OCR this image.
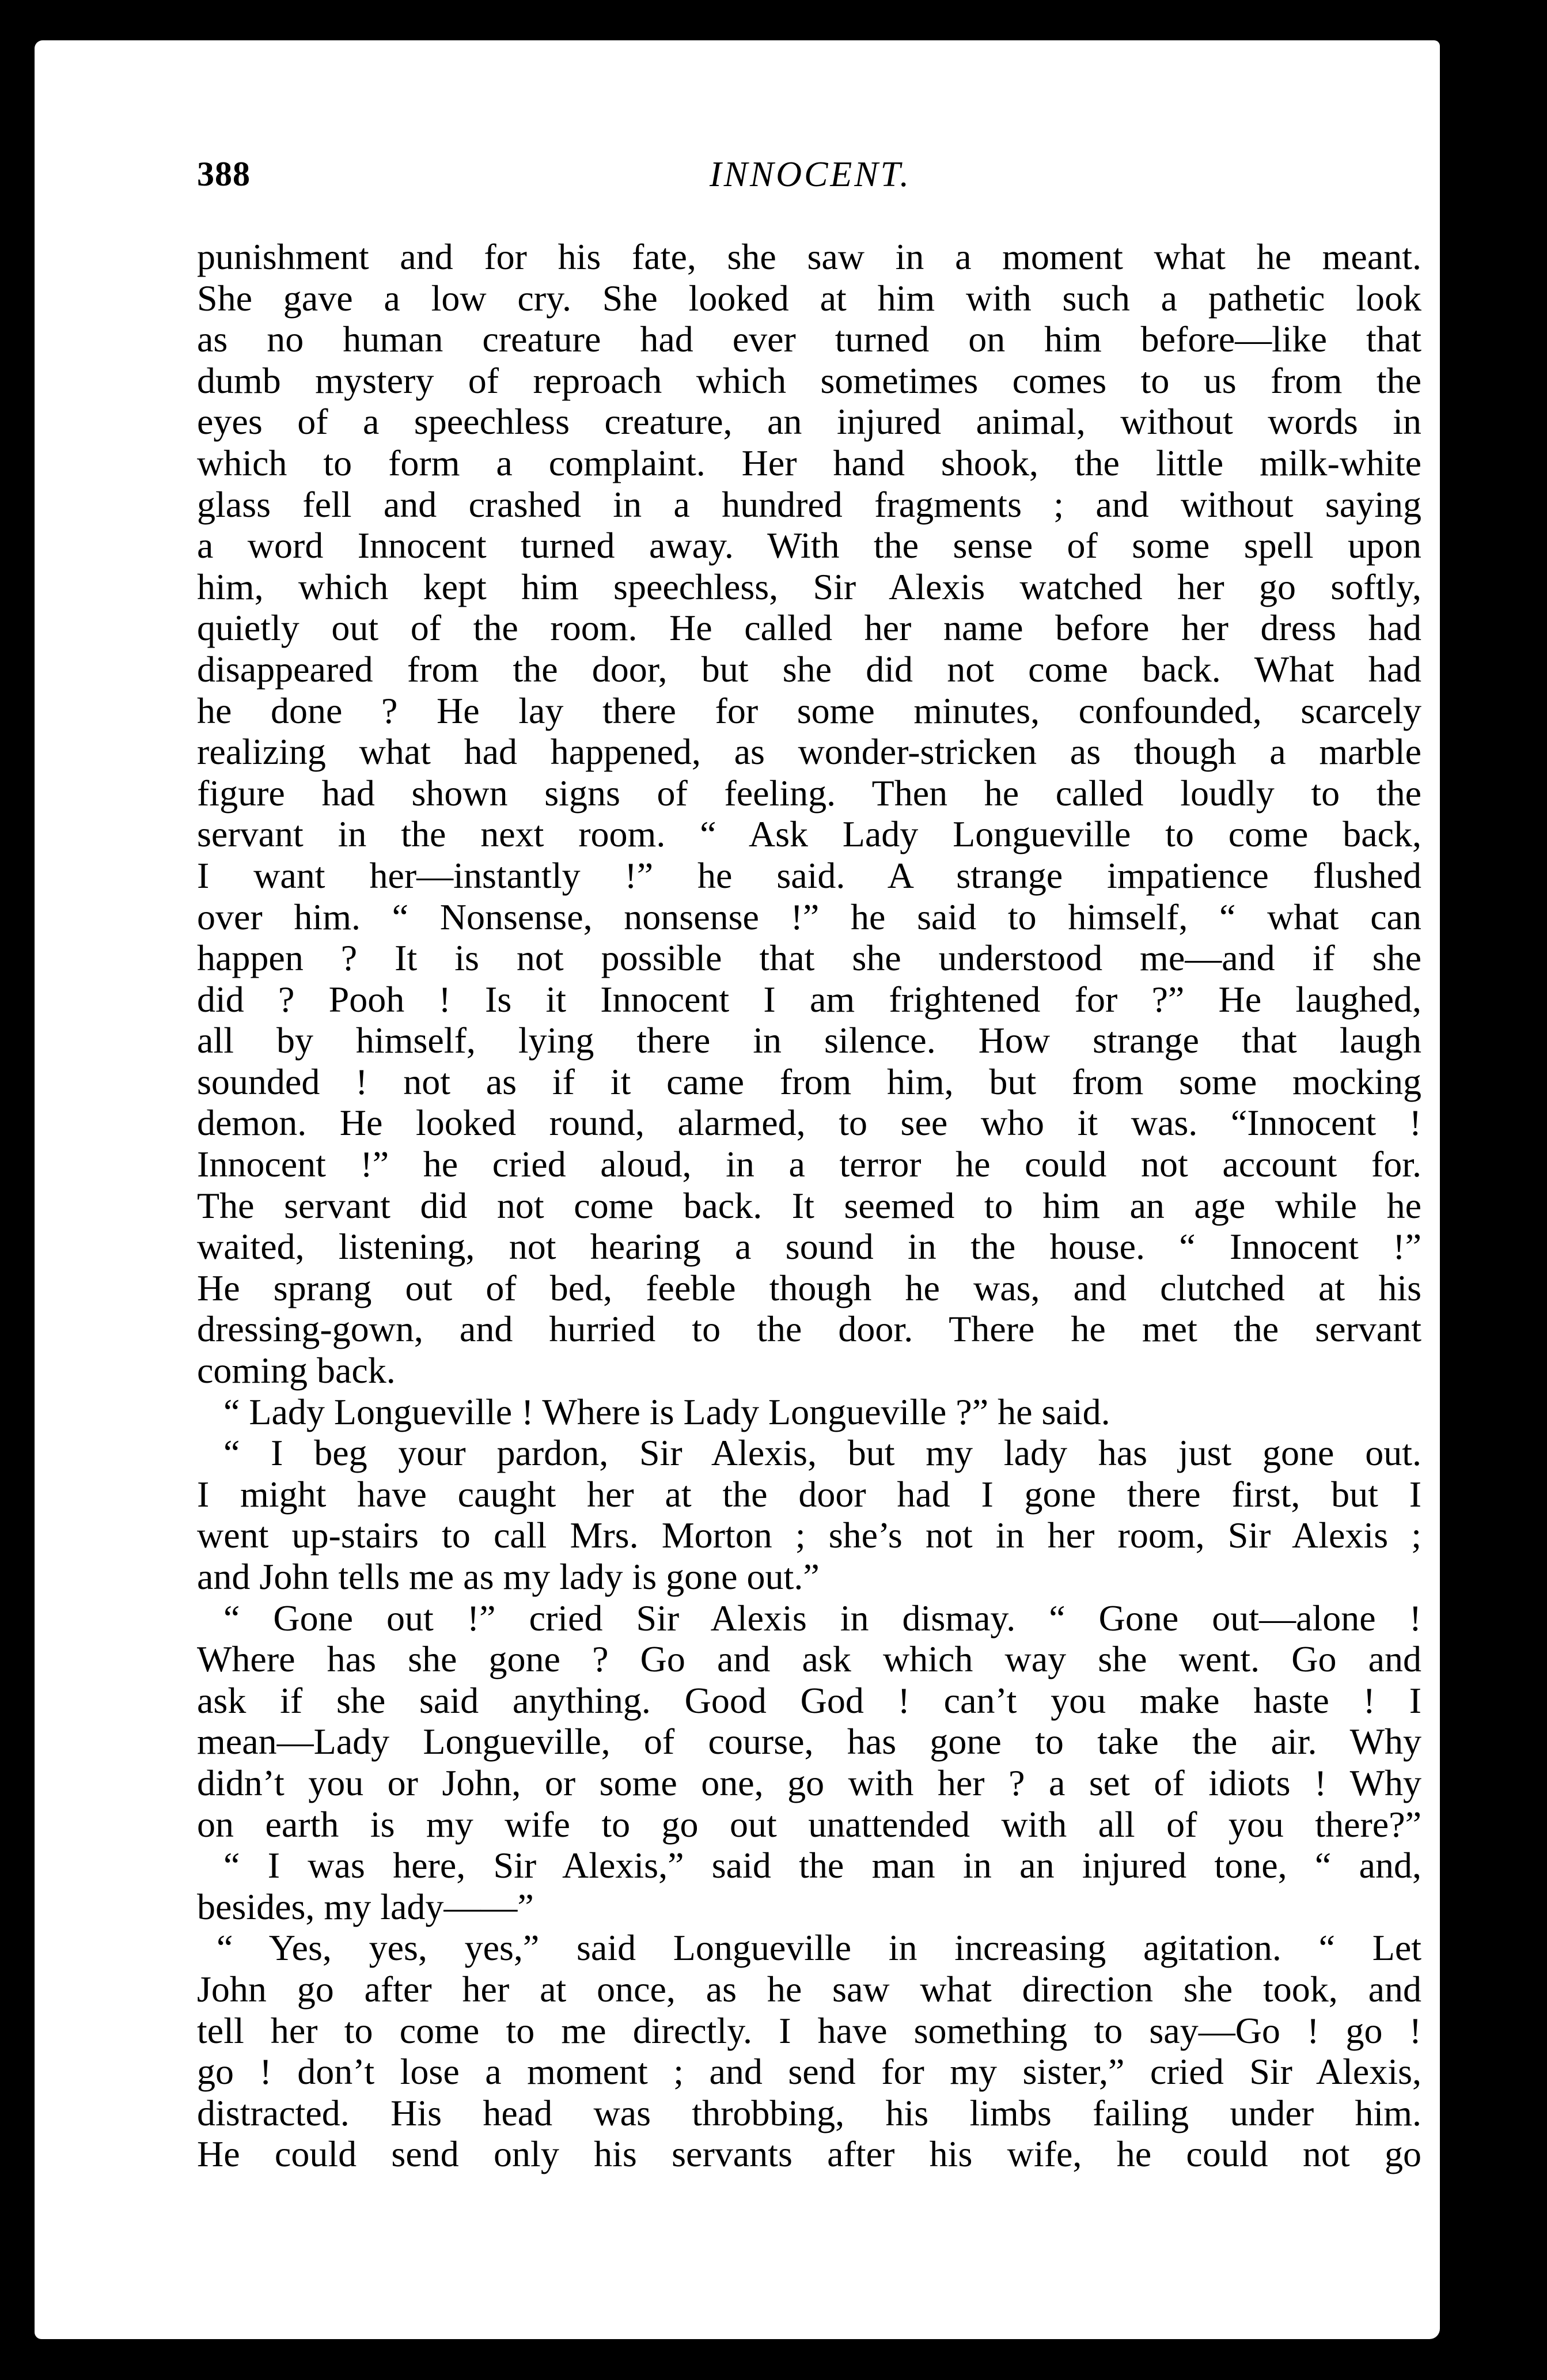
388	INNOCENT.
punishment and for his fate, she saw in a moment what he meant.
She gave a low cry. She looked at him with such a pathetic look
as no human creature had ever turned on him before—like that
dumb mystery of reproach which sometimes comes to us from the
eyes of a speechless creature, an injured animal, without words in
which to form a complaint. Her hand shook, the little milk-white
glass fell and crashed in a hundred fragments ; and without saying
a word Innocent turned away. With the sense of some spell upon
him, which kept him speechless, Sir Alexis watched her go softly,
quietly out of the room. He called her name before her dress had
disappeared from the door, but she did not come back. What had
he done ? He lay there for some minutes, confounded, scarcely
realizing what had happened, as wonder-stricken as though a marble
figure had shown signs of feeling. Then he called loudly to the
servant in the next room. “ Ask Lady Longueville to come back,
I want her—instantly !” he said. A strange impatience flushed
over him. “ Nonsense, nonsense !” he said to himself, “ what can
happen ? It is not possible that she understood me—and if she
did ? Pooh ! Is it Innocent I am frightened for ?” He laughed,
all by himself, lying there in silence. How strange that laugh
sounded ! not as if it came from him, but from some mocking
demon. He looked round, alarmed, to see who it was. “Innocent !
Innocent !” he cried aloud, in a terror he could not account for.
The servant did not come back. It seemed to him an age while he
waited, listening, not hearing a sound in the house. “ Innocent !”
He sprang out of bed, feeble though he was, and clutched at his
dressing-gown, and hurried to the door. There he met the servant
coming back.
“ Lady Longueville ! Where is Lady Longueville ?” he said.
“ I beg your pardon, Sir Alexis, but my lady has just gone out.
I might have caught her at the door had I gone there first, but I
went up-stairs to call Mrs. Morton ; she’s not in her room, Sir Alexis ;
and John tells me as my lady is gone out.”
“ Gone out !” cried Sir Alexis in dismay. “ Gone out—alone !
Where has she gone ? Go and ask which way she went. Go and
ask if she said anything. Good God ! can’t you make haste ! I
mean—Lady Longueville, of course, has gone to take the air. Why
didn’t you or John, or some one, go with her ? a set of idiots ! Why
on earth is my wife to go out unattended with all of you there?”
“ I was here, Sir Alexis,” said the man in an injured tone, “ and,
besides, my lady——”
“ Yes, yes, yes,” said Longueville in increasing agitation. “ Let
John go after her at once, as he saw what direction she took, and
tell her to come to me directly. I have something to say—Go ! go !
go ! don’t lose a moment ; and send for my sister,” cried Sir Alexis,
distracted. His head was throbbing, his limbs failing under him.
He could send only his servants after his wife, he could not go
